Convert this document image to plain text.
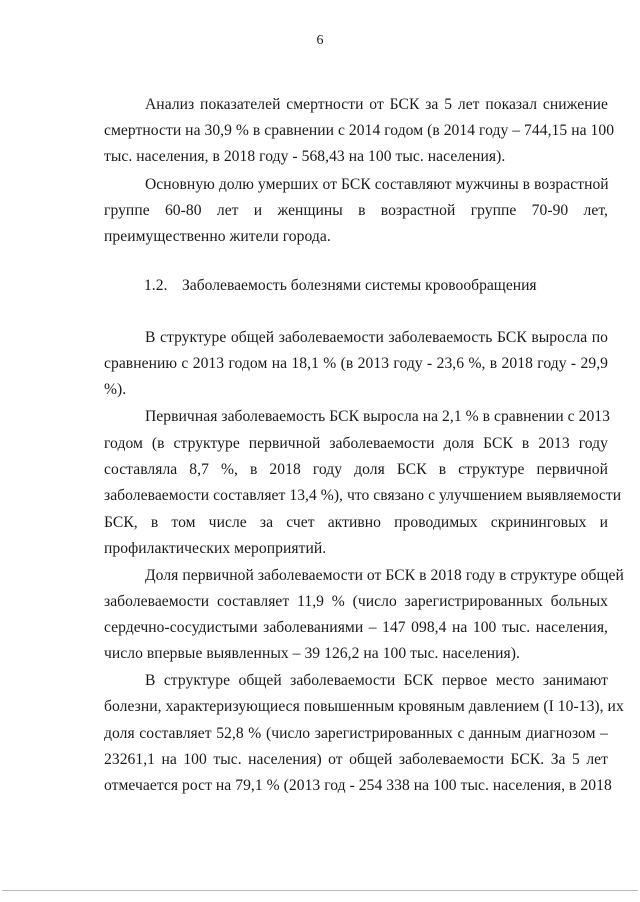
6
Анализ показателей смертности от БСК за 5 лет показал снижение
смертности на 30,9 % в сравнении с 2014 годом (в 2014 году – 744,15 на 100
тыс. населения, в 2018 году - 568,43 на 100 тыс. населения).
Основную долю умерших от БСК составляют мужчины в возрастной
группе 60-80 лет и женщины в возрастной группе 70-90 лет,
преимущественно жители города.
1.2. Заболеваемость болезнями системы кровообращения
В структуре общей заболеваемости заболеваемость БСК выросла по
сравнению с 2013 годом на 18,1 % (в 2013 году - 23,6 %, в 2018 году - 29,9
%).
Первичная заболеваемость БСК выросла на 2,1 % в сравнении с 2013
годом (в структуре первичной заболеваемости доля БСК в 2013 году
составляла 8,7 %, в 2018 году доля БСК в структуре первичной
заболеваемости составляет 13,4 %), что связано с улучшением выявляемости
БСК, в том числе за счет активно проводимых скрининговых и
профилактических мероприятий.
Доля первичной заболеваемости от БСК в 2018 году в структуре общей
заболеваемости составляет 11,9 % (число зарегистрированных больных
сердечно-сосудистыми заболеваниями – 147 098,4 на 100 тыс. населения,
число впервые выявленных – 39 126,2 на 100 тыс. населения).
В структуре общей заболеваемости БСК первое место занимают
болезни, характеризующиеся повышенным кровяным давлением (I 10-13), их
доля составляет 52,8 % (число зарегистрированных с данным диагнозом –
23261,1 на 100 тыс. населения) от общей заболеваемости БСК. За 5 лет
отмечается рост на 79,1 % (2013 год - 254 338 на 100 тыс. населения, в 2018
